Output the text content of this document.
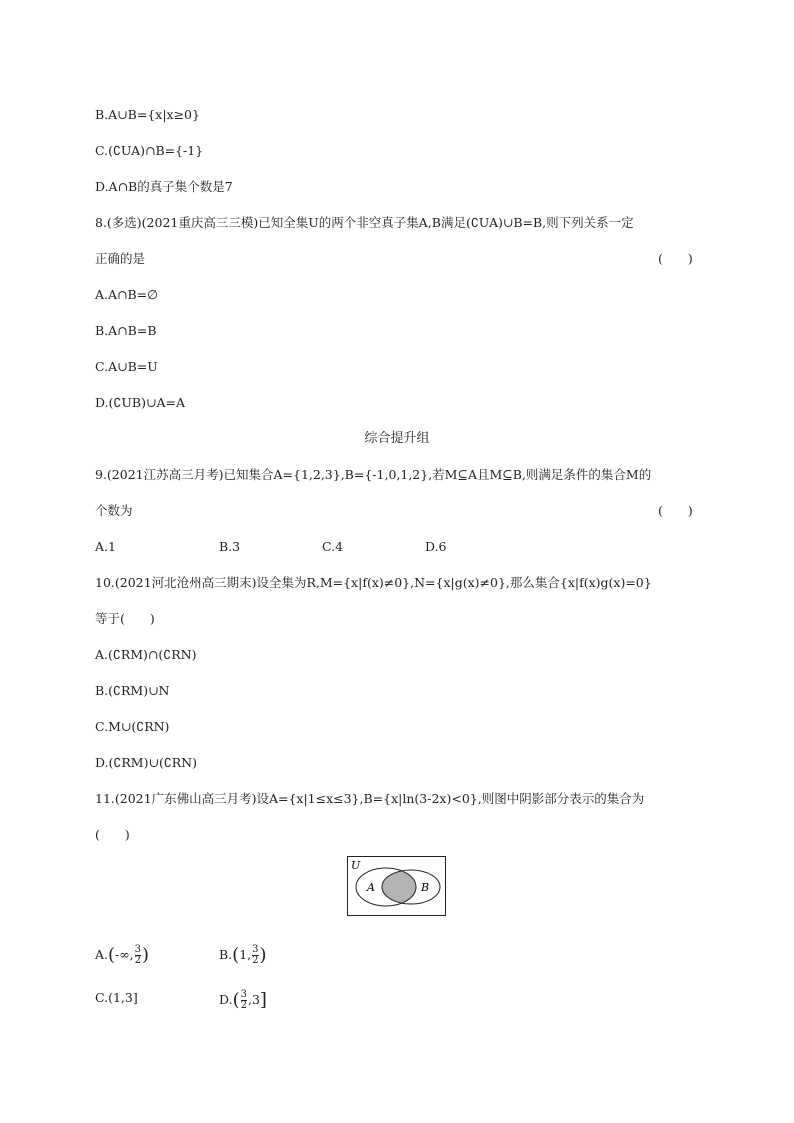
B.A∪B={x|x≥0}
C.(∁UA)∩B={-1}
D.A∩B的真子集个数是7
8.(多选)(2021重庆高三三模)已知全集U的两个非空真子集A,B满足(∁UA)∪B=B,则下列关系一定
正确的是	(　　)
A.A∩B=∅
B.A∩B=B
C.A∪B=U
D.(∁UB)∪A=A
综合提升组
9.(2021江苏高三月考)已知集合A={1,2,3},B={-1,0,1,2},若M⊆A且M⊆B,则满足条件的集合M的
个数为	(　　)
A.1	B.3	C.4	D.6
10.(2021河北沧州高三期末)设全集为R,M={x|f(x)≠0},N={x|g(x)≠0},那么集合{x|f(x)g(x)=0}
等于(　　)
A.(∁RM)∩(∁RN)
B.(∁RM)∪N
C.M∪(∁RN)
D.(∁RM)∪(∁RN)
11.(2021广东佛山高三月考)设A={x|1≤x≤3},B={x|ln(3-2x)<0},则图中阴影部分表示的集合为
(　　)
U
A	B
A.(-∞, $\frac{3}{2}$ )	B.(1, $\frac{3}{2}$ )
C.(1,3]	$D.( \frac{3}{2} ,3]$
